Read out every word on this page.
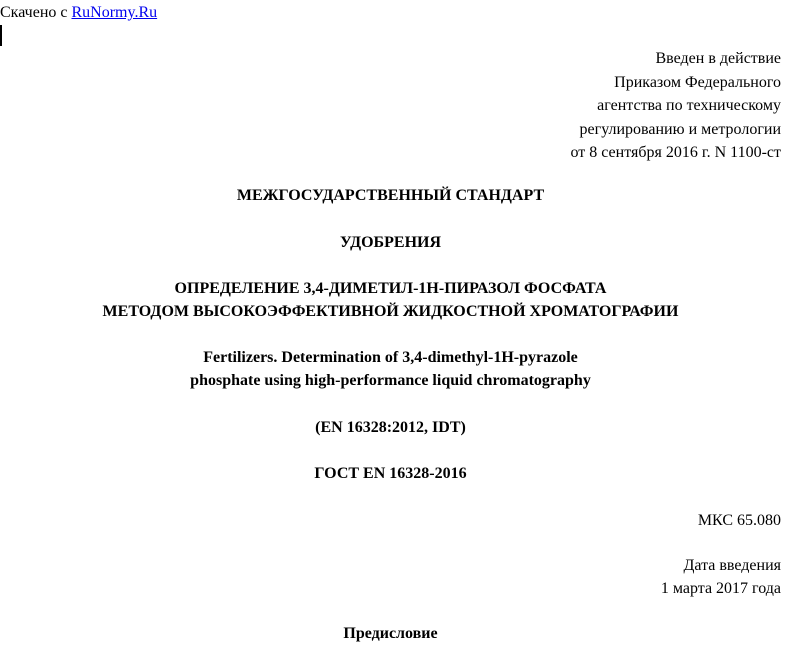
Скачено с RuNormy.Ru
Введен в действие
Приказом Федерального
агентства по техническому
регулированию и метрологии
от 8 сентября 2016 г. N 1100-ст
МЕЖГОСУДАРСТВЕННЫЙ СТАНДАРТ
УДОБРЕНИЯ
ОПРЕДЕЛЕНИЕ 3,4-ДИМЕТИЛ-1Н-ПИРАЗОЛ ФОСФАТА
МЕТОДОМ ВЫСОКОЭФФЕКТИВНОЙ ЖИДКОСТНОЙ ХРОМАТОГРАФИИ
Fertilizers. Determination of 3,4-dimethyl-1H-pyrazole
phosphate using high-performance liquid chromatography
(EN 16328:2012, IDT)
ГОСТ EN 16328-2016
МКС 65.080
Дата введения
1 марта 2017 года
Предисловие
